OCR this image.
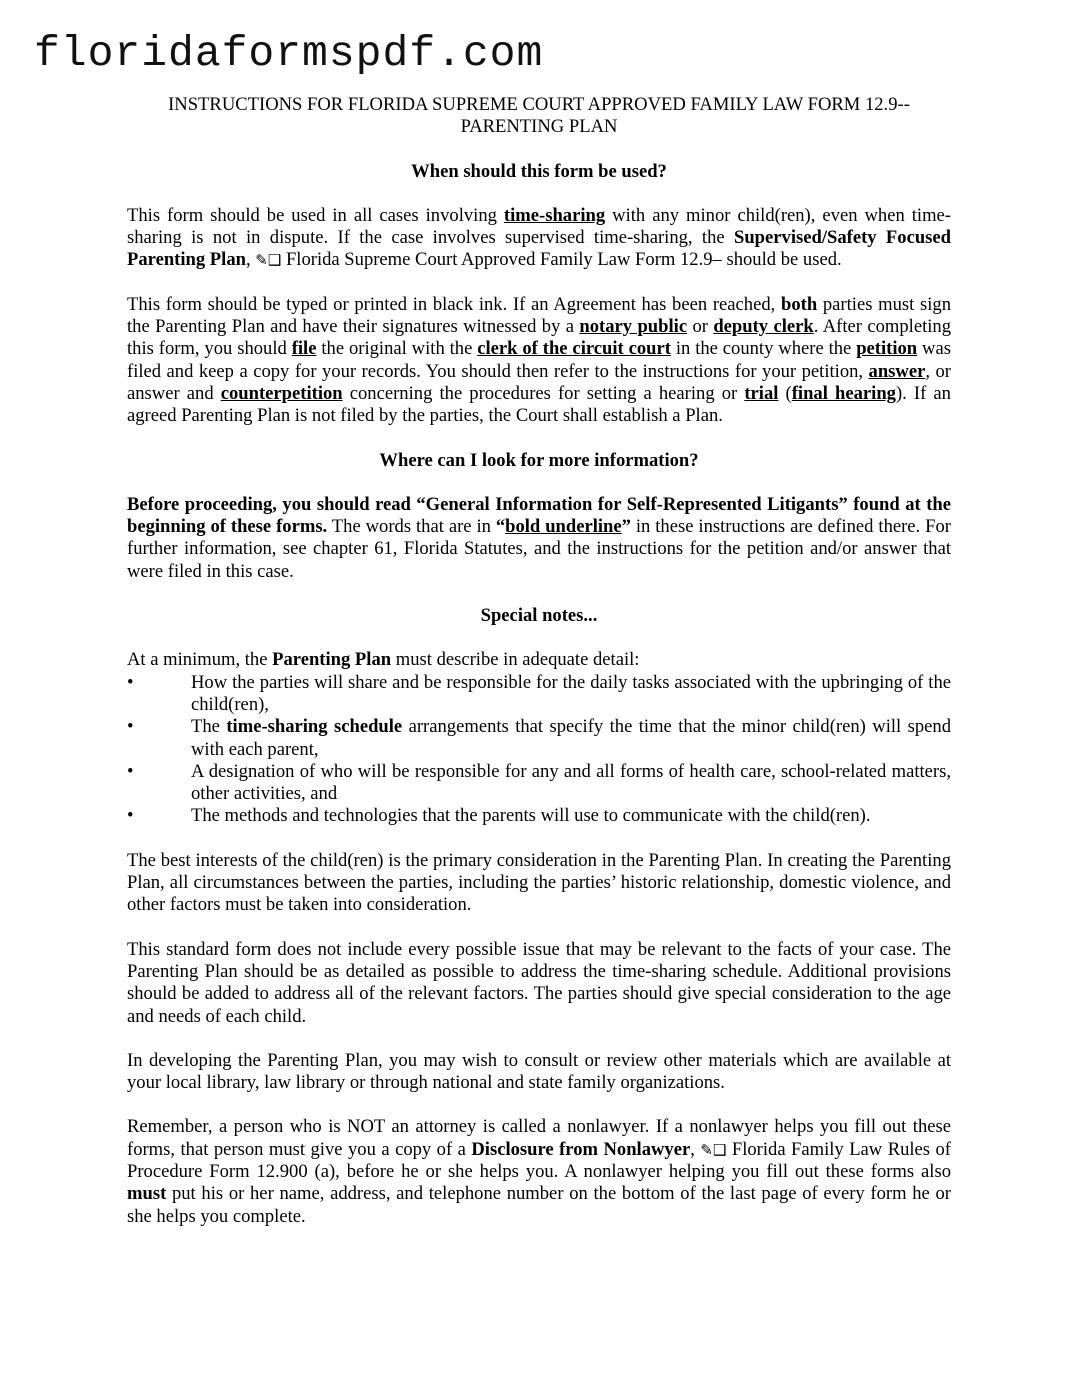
floridaformspdf.com
INSTRUCTIONS FOR FLORIDA SUPREME COURT APPROVED FAMILY LAW FORM 12.9--
PARENTING PLAN
When should this form be used?

This form should be used in all cases involving time-sharing with any minor child(ren), even when time-sharing is not in dispute. If the case involves supervised time-sharing, the Supervised/Safety Focused Parenting Plan, ✎❑ Florida Supreme Court Approved Family Law Form 12.9– should be used.

This form should be typed or printed in black ink. If an Agreement has been reached, both parties must sign the Parenting Plan and have their signatures witnessed by a notary public or deputy clerk. After completing this form, you should file the original with the clerk of the circuit court in the county where the petition was filed and keep a copy for your records. You should then refer to the instructions for your petition, answer, or answer and counterpetition concerning the procedures for setting a hearing or trial (final hearing). If an agreed Parenting Plan is not filed by the parties, the Court shall establish a Plan.

Where can I look for more information?

Before proceeding, you should read “General Information for Self-Represented Litigants” found at the beginning of these forms. The words that are in “bold underline” in these instructions are defined there. For further information, see chapter 61, Florida Statutes, and the instructions for the petition and/or answer that were filed in this case.

Special notes...
At a minimum, the Parenting Plan must describe in adequate detail:
• How the parties will share and be responsible for the daily tasks associated with the upbringing of the child(ren),
• The time-sharing schedule arrangements that specify the time that the minor child(ren) will spend with each parent,
• A designation of who will be responsible for any and all forms of health care, school-related matters, other activities, and
• The methods and technologies that the parents will use to communicate with the child(ren).

The best interests of the child(ren) is the primary consideration in the Parenting Plan. In creating the Parenting Plan, all circumstances between the parties, including the parties’ historic relationship, domestic violence, and other factors must be taken into consideration.

This standard form does not include every possible issue that may be relevant to the facts of your case. The Parenting Plan should be as detailed as possible to address the time-sharing schedule. Additional provisions should be added to address all of the relevant factors. The parties should give special consideration to the age and needs of each child.

In developing the Parenting Plan, you may wish to consult or review other materials which are available at your local library, law library or through national and state family organizations.

Remember, a person who is NOT an attorney is called a nonlawyer. If a nonlawyer helps you fill out these forms, that person must give you a copy of a Disclosure from Nonlawyer, ✎❑ Florida Family Law Rules of Procedure Form 12.900 (a), before he or she helps you. A nonlawyer helping you fill out these forms also must put his or her name, address, and telephone number on the bottom of the last page of every form he or she helps you complete.
